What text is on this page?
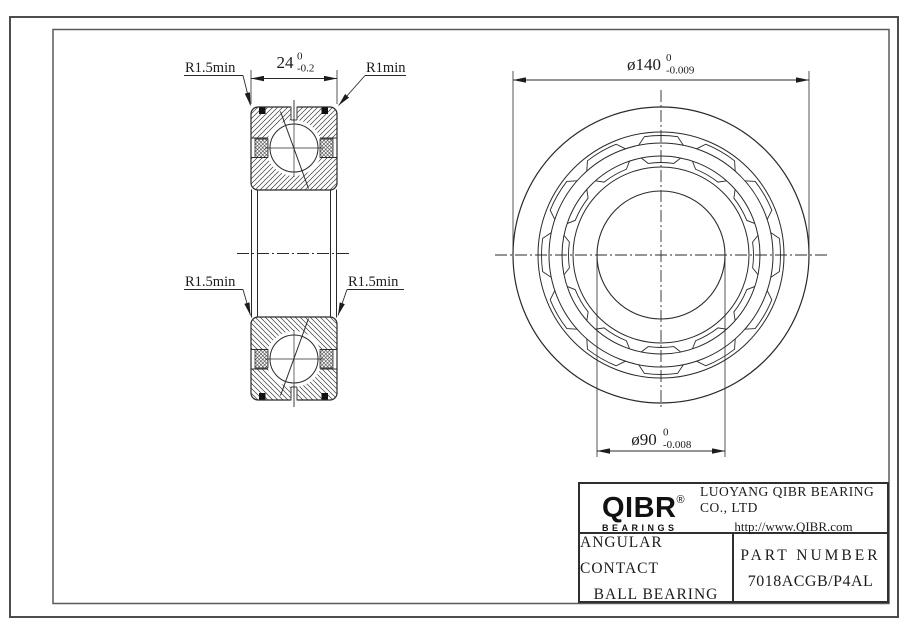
24 0
-0.2
R1.5min	R1min
R1.5min	R1.5min
ø140 0
-0.009
ø90 0
-0.008
QIBR®
BEARINGS
LUOYANG QIBR BEARING CO., LTD
http://www.QIBR.com
ANGULAR CONTACT
BALL BEARING
PART NUMBER
7018ACGB/P4AL
